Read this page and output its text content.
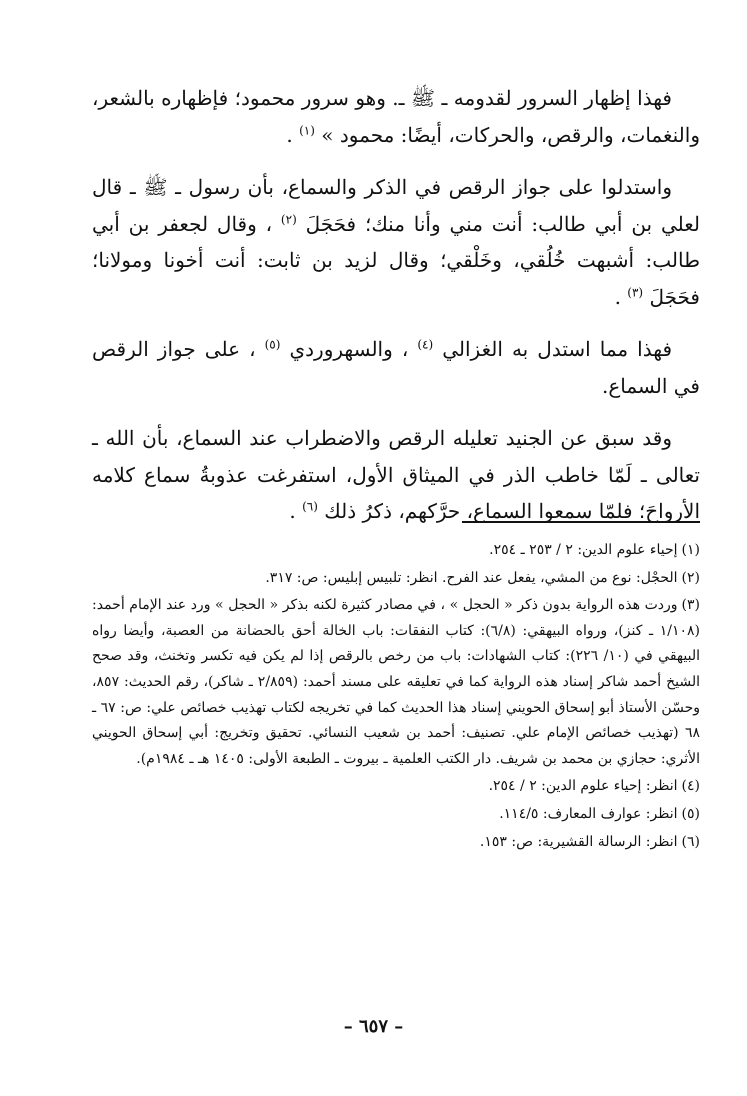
فهذا إظهار السرور لقدومه ـ ﷺ ـ. وهو سرور محمود؛ فإظهاره بالشعر، والنغمات، والرقص، والحركات، أيضًا: محمود » $^{(١)}$ .

واستدلوا على جواز الرقص في الذكر والسماع، بأن رسول ـ ﷺ ـ قال لعلي بن أبي طالب: أنت مني وأنا منك؛ فحَجَلَ $^{(٢)}$ ، وقال لجعفر بن أبي طالب: أشبهت خُلُقي، وخَلْقي؛ وقال لزيد بن ثابت: أنت أخونا ومولانا؛ فحَجَلَ $^{(٣)}$ .

فهذا مما استدل به الغزالي $^{(٤)}$ ، والسهروردي $^{(٥)}$ ، على جواز الرقص في السماع.

وقد سبق عن الجنيد تعليله الرقص والاضطراب عند السماع، بأن الله ـ تعالى ـ لَمّا خاطب الذر في الميثاق الأول، استفرغت عذوبةُ سماع كلامه الأرواحَ؛ فلمّا سمعوا السماع، حرَّكهم، ذكرُ ذلك $^{(٦)}$ .

(١)إحياء علوم الدين: ٢ / ٢٥٣ ـ ٢٥٤.
(٢)الحجْل: نوع من المشي، يفعل عند الفرح. انظر: تلبيس إبليس: ص: ٣١٧.
(٣)وردت هذه الرواية بدون ذكر « الحجل » ، في مصادر كثيرة لكنه بذكر « الحجل » ورد عند الإمام أحمد: (١/١٠٨ ـ كنز)، ورواه البيهقي: (٦/٨): كتاب النفقات: باب الخالة أحق بالحضانة من العصبة، وأيضا رواه البيهقي في (١٠/ ٢٢٦): كتاب الشهادات: باب من رخص بالرقص إذا لم يكن فيه تكسر وتخنث، وقد صحح الشيخ أحمد شاكر إسناد هذه الرواية كما في تعليقه على مسند أحمد: (٢/٨٥٩ ـ شاكر)، رقم الحديث: ٨٥٧، وحسّن الأستاذ أبو إسحاق الحويني إسناد هذا الحديث كما في تخريجه لكتاب تهذيب خصائص علي: ص: ٦٧ ـ ٦٨ (تهذيب خصائص الإمام علي. تصنيف: أحمد بن شعيب النسائي. تحقيق وتخريج: أبي إسحاق الحويني الأثري: حجازي بن محمد بن شريف. دار الكتب العلمية ـ بيروت ـ الطبعة الأولى: ١٤٠٥ هـ ـ ١٩٨٤م).
(٤)انظر: إحياء علوم الدين: ٢ / ٢٥٤.
(٥)انظر: عوارف المعارف: ١١٤/٥.
(٦)انظر: الرسالة القشيرية: ص: ١٥٣.
– ٦٥٧ –
